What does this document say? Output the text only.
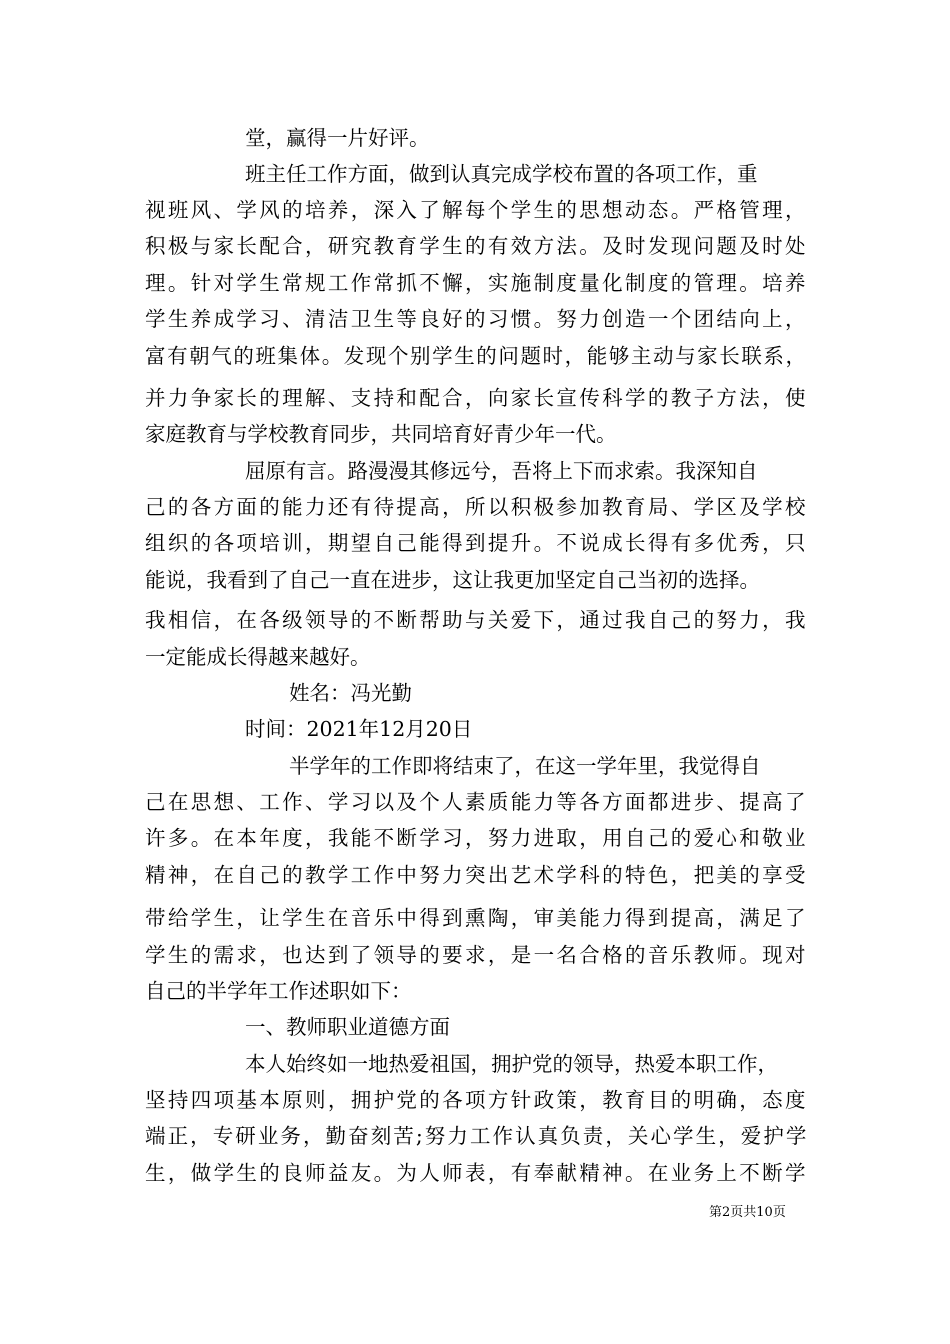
堂，赢得一片好评。
班主任工作方面，做到认真完成学校布置的各项工作，重
视班风、学风的培养，深入了解每个学生的思想动态。严格管理，
积极与家长配合，研究教育学生的有效方法。及时发现问题及时处
理。针对学生常规工作常抓不懈，实施制度量化制度的管理。培养
学生养成学习、清洁卫生等良好的习惯。努力创造一个团结向上，
富有朝气的班集体。发现个别学生的问题时，能够主动与家长联系，
并力争家长的理解、支持和配合，向家长宣传科学的教子方法，使
家庭教育与学校教育同步，共同培育好青少年一代。
屈原有言。路漫漫其修远兮，吾将上下而求索。我深知自
己的各方面的能力还有待提高，所以积极参加教育局、学区及学校
组织的各项培训，期望自己能得到提升。不说成长得有多优秀，只
能说，我看到了自己一直在进步，这让我更加坚定自己当初的选择。
我相信，在各级领导的不断帮助与关爱下，通过我自己的努力，我
一定能成长得越来越好。
姓名：冯光勤
时间：2021年12月20日
半学年的工作即将结束了，在这一学年里，我觉得自
己在思想、工作、学习以及个人素质能力等各方面都进步、提高了
许多。在本年度，我能不断学习，努力进取，用自己的爱心和敬业
精神，在自己的教学工作中努力突出艺术学科的特色，把美的享受
带给学生，让学生在音乐中得到熏陶，审美能力得到提高，满足了
学生的需求，也达到了领导的要求，是一名合格的音乐教师。现对
自己的半学年工作述职如下：
一、教师职业道德方面
本人始终如一地热爱祖国，拥护党的领导，热爱本职工作，
坚持四项基本原则，拥护党的各项方针政策，教育目的明确，态度
端正，专研业务，勤奋刻苦;努力工作认真负责，关心学生，爱护学
生，做学生的良师益友。为人师表，有奉献精神。在业务上不断学
第2页共10页
